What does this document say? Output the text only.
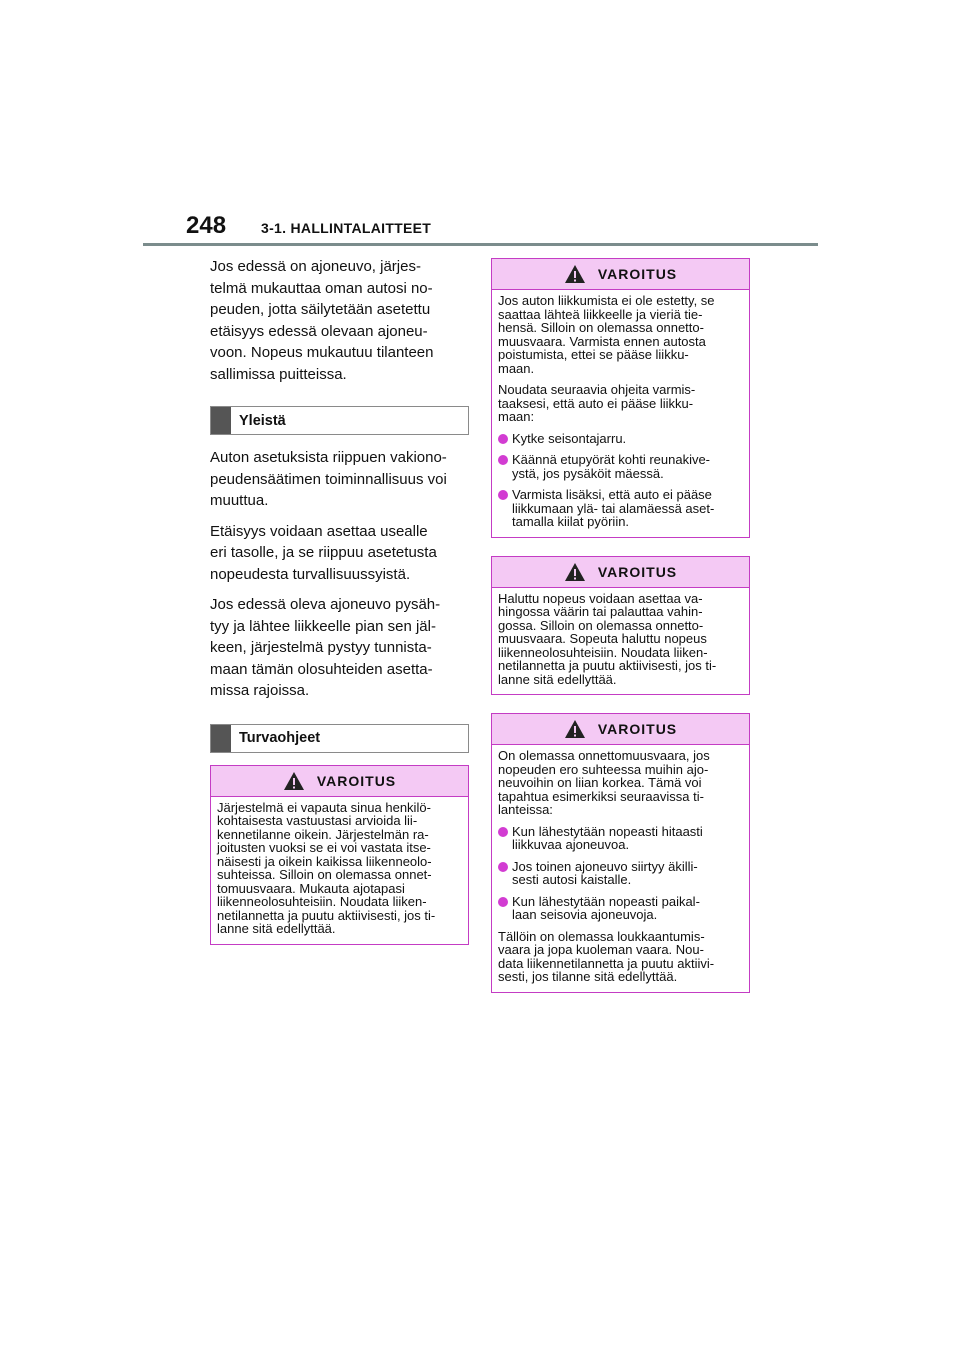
248	3-1. HALLINTALAITTEET

Jos edessä on ajoneuvo, järjes-
telmä mukauttaa oman autosi no-
peuden, jotta säilytetään asetettu
etäisyys edessä olevaan ajoneu-
voon. Nopeus mukautuu tilanteen
sallimissa puitteissa.

Yleistä

Auton asetuksista riippuen vakiono-
peudensäätimen toiminnallisuus voi
muuttua.

Etäisyys voidaan asettaa usealle
eri tasolle, ja se riippuu asetetusta
nopeudesta turvallisuussyistä.

Jos edessä oleva ajoneuvo pysäh-
tyy ja lähtee liikkeelle pian sen jäl-
keen, järjestelmä pystyy tunnista-
maan tämän olosuhteiden asetta-
missa rajoissa.

Turvaohjeet
VAROITUS

Järjestelmä ei vapauta sinua henkilö-
kohtaisesta vastuustasi arvioida lii-
kennetilanne oikein. Järjestelmän ra-
joitusten vuoksi se ei voi vastata itse-
näisesti ja oikein kaikissa liikenneolo-
suhteissa. Silloin on olemassa onnet-
tomuusvaara. Mukauta ajotapasi
liikenneolosuhteisiin. Noudata liiken-
netilannetta ja puutu aktiivisesti, jos ti-
lanne sitä edellyttää.

VAROITUS

Jos auton liikkumista ei ole estetty, se
saattaa lähteä liikkeelle ja vieriä tie-
hensä. Silloin on olemassa onnetto-
muusvaara. Varmista ennen autosta
poistumista, ettei se pääse liikku-
maan.

Noudata seuraavia ohjeita varmis-
taaksesi, että auto ei pääse liikku-
maan:

Kytke seisontajarru.
Käännä etupyörät kohti reunakive-
ystä, jos pysäköit mäessä.
Varmista lisäksi, että auto ei pääse
liikkumaan ylä- tai alamäessä aset-
tamalla kiilat pyöriin.
VAROITUS

Haluttu nopeus voidaan asettaa va-
hingossa väärin tai palauttaa vahin-
gossa. Silloin on olemassa onnetto-
muusvaara. Sopeuta haluttu nopeus
liikenneolosuhteisiin. Noudata liiken-
netilannetta ja puutu aktiivisesti, jos ti-
lanne sitä edellyttää.

VAROITUS

On olemassa onnettomuusvaara, jos
nopeuden ero suhteessa muihin ajo-
neuvoihin on liian korkea. Tämä voi
tapahtua esimerkiksi seuraavissa ti-
lanteissa:

Kun lähestytään nopeasti hitaasti
liikkuvaa ajoneuvoa.
Jos toinen ajoneuvo siirtyy äkilli-
sesti autosi kaistalle.
Kun lähestytään nopeasti paikal-
laan seisovia ajoneuvoja.

Tällöin on olemassa loukkaantumis-
vaara ja jopa kuoleman vaara. Nou-
data liikennetilannetta ja puutu aktiivi-
sesti, jos tilanne sitä edellyttää.
